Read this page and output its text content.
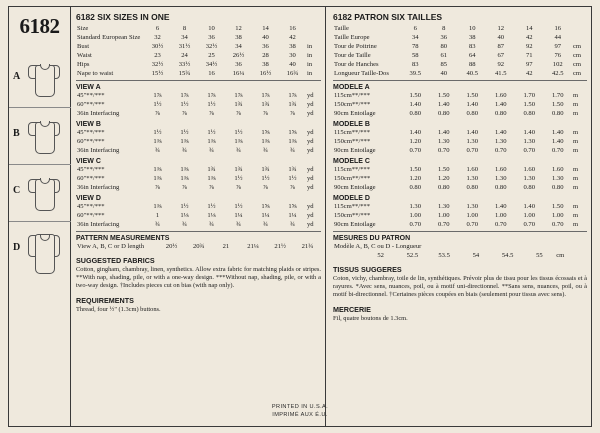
6182
A
B
C
D
6182 SIX SIZES IN ONE
Size	6	8	10	12	14	16	
Standard European Size	32	34	36	38	40	42	
Bust	30½	31½	32½	34	36	38	in
Waist	23	24	25	26½	28	30	in
Hips	32½	33½	34½	36	38	40	in
Nape to waist	15½	15¾	16	16¼	16½	16¾	in
VIEW A
45"**/***	1⅞	1⅞	1⅞	1⅞	1⅞	1⅞	yd
60"**/***	1½	1½	1½	1¾	1¾	1¾	yd
36in Interfacing	⅞	⅞	⅞	⅞	⅞	⅞	yd
VIEW B
45"**/***	1½	1½	1½	1½	1⅝	1⅝	yd
60"**/***	1⅜	1⅜	1⅜	1⅜	1⅜	1⅜	yd
36in Interfacing	¾	¾	¾	¾	¾	¾	yd
VIEW C
45"**/***	1⅜	1⅜	1¾	1¾	1¾	1¾	yd
60"**/***	1⅜	1⅜	1⅜	1½	1½	1½	yd
36in Interfacing	⅞	⅞	⅞	⅞	⅞	⅞	yd
VIEW D
45"**/***	1⅜	1½	1½	1½	1⅝	1⅝	yd
60"**/***	1	1⅛	1⅛	1¼	1¼	1¼	yd
36in Interfacing	¾	¾	¾	¾	¾	¾	yd
PATTERN MEASUREMENTS
View A, B, C or D length	20½	20¾	21	21¼	21½	21¾
SUGGESTED FABRICS
Cotton, gingham, chambray, linen, synthetics. Allow extra fabric for matching plaids or stripes. **With nap, shading, pile, or with a one-way design. ***Without nap, shading, pile, or with a two-way design. †Includes pieces cut on bias (with nap only).
REQUIREMENTS
Thread, four ½" (1.3cm) buttons.
6182 PATRON SIX TAILLES
Taille	6	8	10	12	14	16	
Taille Europe	34	36	38	40	42	44	
Tour de Poitrine	78	80	83	87	92	97	cm
Tour de Taille	58	61	64	67	71	76	cm
Tour de Hanches	83	85	88	92	97	102	cm
Longueur Taille-Dos	39.5	40	40.5	41.5	42	42.5	cm
MODELE A
115cm**/***	1.50	1.50	1.50	1.60	1.70	1.70	m
150cm**/***	1.40	1.40	1.40	1.40	1.50	1.50	m
90cm Entoilage	0.80	0.80	0.80	0.80	0.80	0.80	m
MODELE B
115cm**/***	1.40	1.40	1.40	1.40	1.40	1.40	m
150cm**/***	1.20	1.30	1.30	1.30	1.30	1.40	m
90cm Entoilage	0.70	0.70	0.70	0.70	0.70	0.70	m
MODELE C
115cm**/***	1.50	1.50	1.60	1.60	1.60	1.60	m
150cm**/***	1.20	1.20	1.30	1.30	1.30	1.30	m
90cm Entoilage	0.80	0.80	0.80	0.80	0.80	0.80	m
MODELE D
115cm**/***	1.30	1.30	1.30	1.40	1.40	1.50	m
150cm**/***	1.00	1.00	1.00	1.00	1.00	1.00	m
90cm Entoilage	0.70	0.70	0.70	0.70	0.70	0.70	m
MESURES DU PATRON
Modèle A, B, C ou D - Longueur
	52	52.5	53.5	54	54.5	55	cm
TISSUS SUGGERES
Coton, vichy, chambray, toile de lin, synthétiques. Prévoir plus de tissu pour les tissus écossais et à rayures. *Avec sens, nuances, poil, ou à motif uni-directionnel. **Sans sens, nuances, poil, ou à motif bi-directionnel. †Certaines pièces coupées en biais (seulement pour tissus avec sens).
MERCERIE
Fil, quatre boutons de 1.3cm.
PRINTED IN U.S.A.
IMPRIMÉ AUX É.U.
